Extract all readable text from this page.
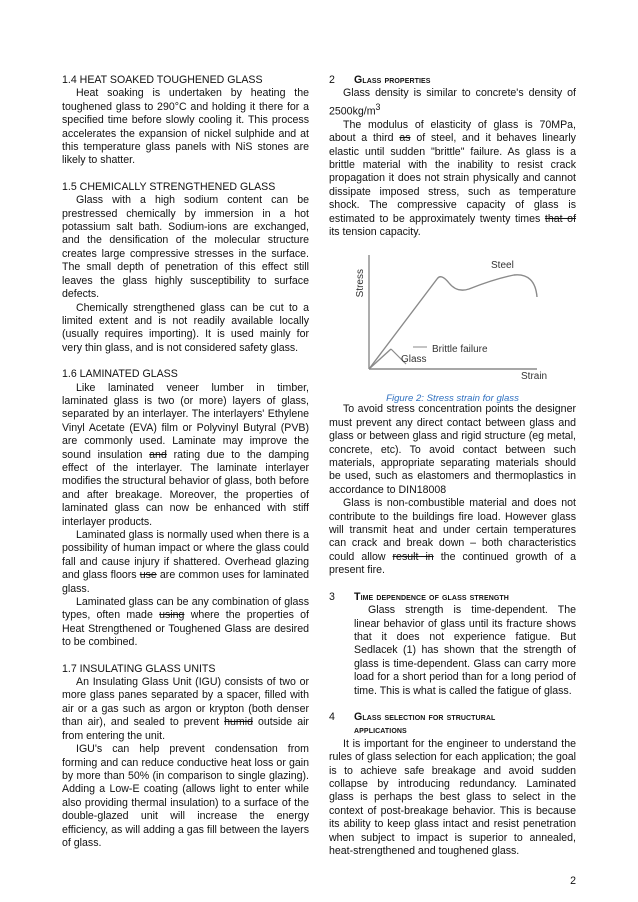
1.4 HEAT SOAKED TOUGHENED GLASS

Heat soaking is undertaken by heating the toughened glass to 290°C and holding it there for a specified time before slowly cooling it. This process accelerates the expansion of nickel sulphide and at this temperature glass panels with NiS stones are likely to shatter.

1.5 CHEMICALLY STRENGTHENED GLASS

Glass with a high sodium content can be prestressed chemically by immersion in a hot potassium salt bath. Sodium-ions are exchanged, and the densification of the molecular structure creates large compressive stresses in the surface. The small depth of penetration of this effect still leaves the glass highly susceptibility to surface defects.

Chemically strengthened glass can be cut to a limited extent and is not readily available locally (usually requires importing). It is used mainly for very thin glass, and is not considered safety glass.

1.6 LAMINATED GLASS

Like laminated veneer lumber in timber, laminated glass is two (or more) layers of glass, separated by an interlayer. The interlayers' Ethylene Vinyl Acetate (EVA) film or Polyvinyl Butyral (PVB) are commonly used. Laminate may improve the sound insulation and rating due to the damping effect of the interlayer. The laminate interlayer modifies the structural behavior of glass, both before and after breakage. Moreover, the properties of laminated glass can now be enhanced with stiff interlayer products.

Laminated glass is normally used when there is a possibility of human impact or where the glass could fall and cause injury if shattered. Overhead glazing and glass floors use are common uses for laminated glass.

Laminated glass can be any combination of glass types, often made using where the properties of Heat Strengthened or Toughened Glass are desired to be combined.

1.7 INSULATING GLASS UNITS

An Insulating Glass Unit (IGU) consists of two or more glass panes separated by a spacer, filled with air or a gas such as argon or krypton (both denser than air), and sealed to prevent humid outside air from entering the unit.

IGU's can help prevent condensation from forming and can reduce conductive heat loss or gain by more than 50% (in comparison to single glazing). Adding a Low-E coating (allows light to enter while also providing thermal insulation) to a surface of the double-glazed unit will increase the energy efficiency, as will adding a gas fill between the layers of glass.

2	Glass properties

Glass density is similar to concrete's density of $2500kg/m^3$

The modulus of elasticity of glass is 70MPa, about a third as of steel, and it behaves linearly elastic until sudden "brittle" failure. As glass is a brittle material with the inability to resist crack propagation it does not strain physically and cannot dissipate imposed stress, such as temperature shock. The compressive capacity of glass is estimated to be approximately twenty times that of its tension capacity.

Stress
Strain
Steel
Glass
Brittle failure

Figure 2: Stress strain for glass

To avoid stress concentration points the designer must prevent any direct contact between glass and glass or between glass and rigid structure (eg metal, concrete, etc). To avoid contact between such materials, appropriate separating materials should be used, such as elastomers and thermoplastics in accordance to DIN18008

Glass is non-combustible material and does not contribute to the buildings fire load. However glass will transmit heat and under certain temperatures can crack and break down – both characteristics could allow result in the continued growth of a present fire.

3	Time dependence of glass strength

Glass strength is time-dependent. The linear behavior of glass until its fracture shows that it does not experience fatigue. But Sedlacek (1) has shown that the strength of glass is time-dependent. Glass can carry more load for a short period than for a long period of time. This is what is called the fatigue of glass.

4	Glass selection for structural
applications

It is important for the engineer to understand the rules of glass selection for each application; the goal is to achieve safe breakage and avoid sudden collapse by introducing redundancy. Laminated glass is perhaps the best glass to select in the context of post-breakage behavior. This is because its ability to keep glass intact and resist penetration when subject to impact is superior to annealed, heat-strengthened and toughened glass.

2
